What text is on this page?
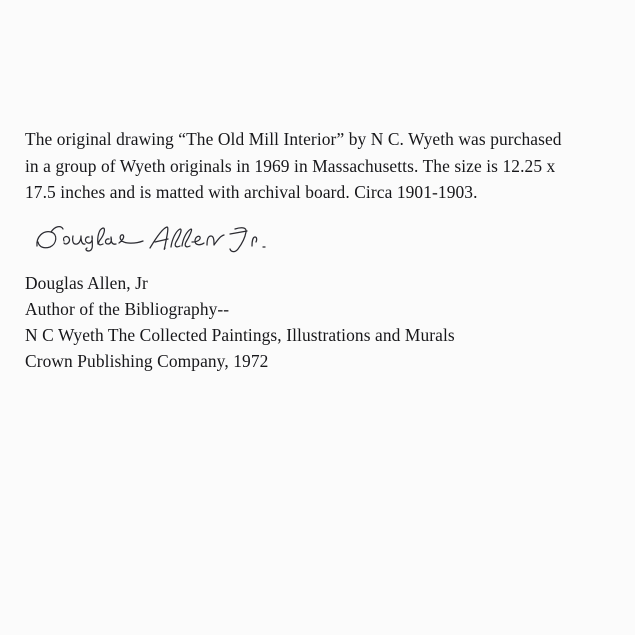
The original drawing “The Old Mill Interior” by N C. Wyeth was purchased

in a group of Wyeth originals in 1969 in Massachusetts. The size is 12.25 x

17.5 inches and is matted with archival board. Circa 1901-1903.

Douglas Allen, Jr

Author of the Bibliography--

N C Wyeth The Collected Paintings, Illustrations and Murals

Crown Publishing Company, 1972
